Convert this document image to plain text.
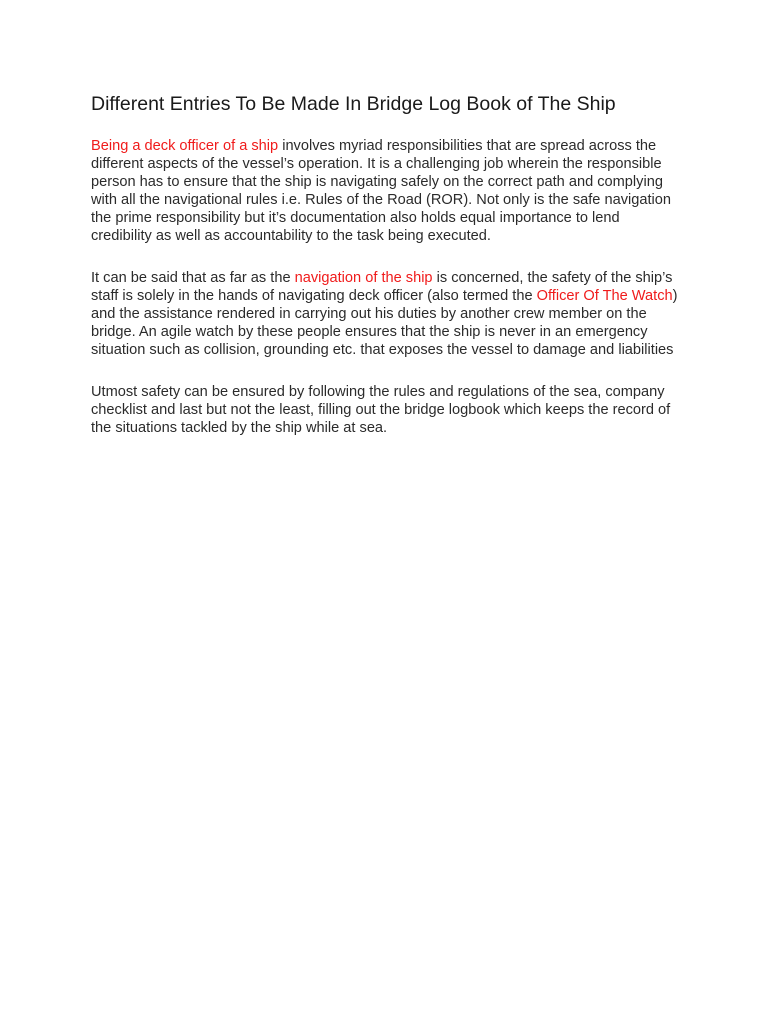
Different Entries To Be Made In Bridge Log Book of The Ship

Being a deck officer of a ship involves myriad responsibilities that are spread across the different aspects of the vessel’s operation. It is a challenging job wherein the responsible person has to ensure that the ship is navigating safely on the correct path and complying with all the navigational rules i.e. Rules of the Road (ROR). Not only is the safe navigation the prime responsibility but it’s documentation also holds equal importance to lend credibility as well as accountability to the task being executed.

It can be said that as far as the navigation of the ship is concerned, the safety of the ship’s staff is solely in the hands of navigating deck officer (also termed the Officer Of The Watch) and the assistance rendered in carrying out his duties by another crew member on the bridge. An agile watch by these people ensures that the ship is never in an emergency situation such as collision, grounding etc. that exposes the vessel to damage and liabilities

Utmost safety can be ensured by following the rules and regulations of the sea, company checklist and last but not the least, filling out the bridge logbook which keeps the record of the situations tackled by the ship while at sea.
